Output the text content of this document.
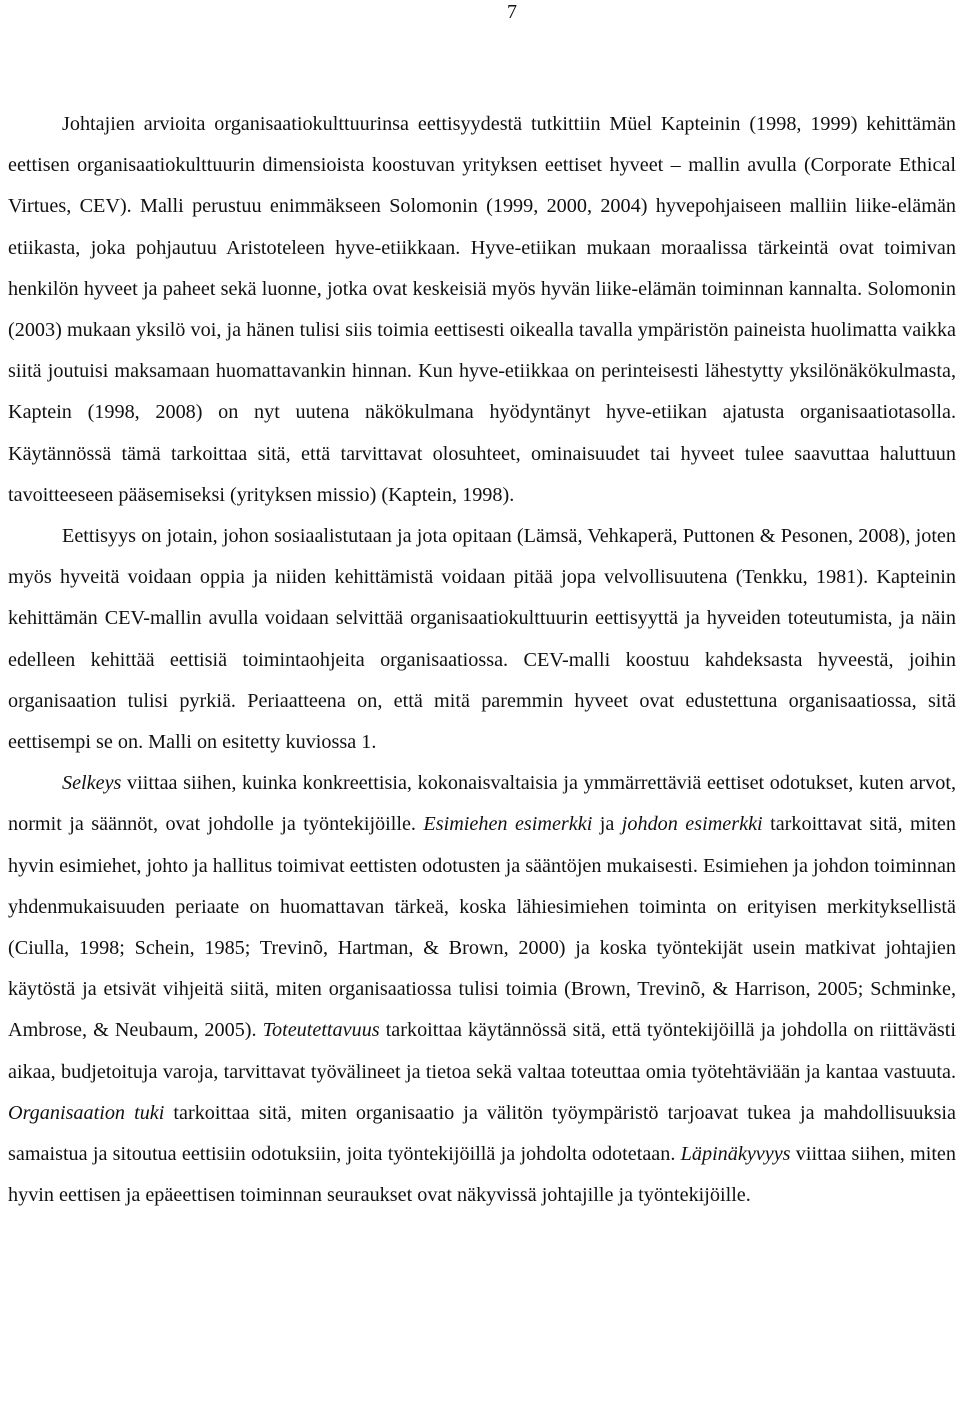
7

Johtajien arvioita organisaatiokulttuurinsa eettisyydestä tutkittiin Müel Kapteinin (1998, 1999) kehittämän eettisen organisaatiokulttuurin dimensioista koostuvan yrityksen eettiset hyveet – mallin avulla (Corporate Ethical Virtues, CEV). Malli perustuu enimmäkseen Solomonin (1999, 2000, 2004) hyvepohjaiseen malliin liike-elämän etiikasta, joka pohjautuu Aristoteleen hyve-etiikkaan. Hyve-etiikan mukaan moraalissa tärkeintä ovat toimivan henkilön hyveet ja paheet sekä luonne, jotka ovat keskeisiä myös hyvän liike-elämän toiminnan kannalta. Solomonin (2003) mukaan yksilö voi, ja hänen tulisi siis toimia eettisesti oikealla tavalla ympäristön paineista huolimatta vaikka siitä joutuisi maksamaan huomattavankin hinnan. Kun hyve-etiikkaa on perinteisesti lähestytty yksilönäkökulmasta, Kaptein (1998, 2008) on nyt uutena näkökulmana hyödyntänyt hyve-etiikan ajatusta organisaatiotasolla. Käytännössä tämä tarkoittaa sitä, että tarvittavat olosuhteet, ominaisuudet tai hyveet tulee saavuttaa haluttuun tavoitteeseen pääsemiseksi (yrityksen missio) (Kaptein, 1998).

Eettisyys on jotain, johon sosiaalistutaan ja jota opitaan (Lämsä, Vehkaperä, Puttonen & Pesonen, 2008), joten myös hyveitä voidaan oppia ja niiden kehittämistä voidaan pitää jopa velvollisuutena (Tenkku, 1981). Kapteinin kehittämän CEV-mallin avulla voidaan selvittää organisaatiokulttuurin eettisyyttä ja hyveiden toteutumista, ja näin edelleen kehittää eettisiä toimintaohjeita organisaatiossa. CEV-malli koostuu kahdeksasta hyveestä, joihin organisaation tulisi pyrkiä. Periaatteena on, että mitä paremmin hyveet ovat edustettuna organisaatiossa, sitä eettisempi se on. Malli on esitetty kuviossa 1.

Selkeys viittaa siihen, kuinka konkreettisia, kokonaisvaltaisia ja ymmärrettäviä eettiset odotukset, kuten arvot, normit ja säännöt, ovat johdolle ja työntekijöille. Esimiehen esimerkki ja johdon esimerkki tarkoittavat sitä, miten hyvin esimiehet, johto ja hallitus toimivat eettisten odotusten ja sääntöjen mukaisesti. Esimiehen ja johdon toiminnan yhdenmukaisuuden periaate on huomattavan tärkeä, koska lähiesimiehen toiminta on erityisen merkityksellistä (Ciulla, 1998; Schein, 1985; Trevinõ, Hartman, & Brown, 2000) ja koska työntekijät usein matkivat johtajien käytöstä ja etsivät vihjeitä siitä, miten organisaatiossa tulisi toimia (Brown, Trevinõ, & Harrison, 2005; Schminke, Ambrose, & Neubaum, 2005). Toteutettavuus tarkoittaa käytännössä sitä, että työntekijöillä ja johdolla on riittävästi aikaa, budjetoituja varoja, tarvittavat työvälineet ja tietoa sekä valtaa toteuttaa omia työtehtäviään ja kantaa vastuuta. Organisaation tuki tarkoittaa sitä, miten organisaatio ja välitön työympäristö tarjoavat tukea ja mahdollisuuksia samaistua ja sitoutua eettisiin odotuksiin, joita työntekijöillä ja johdolta odotetaan. Läpinäkyvyys viittaa siihen, miten hyvin eettisen ja epäeettisen toiminnan seuraukset ovat näkyvissä johtajille ja työntekijöille.
